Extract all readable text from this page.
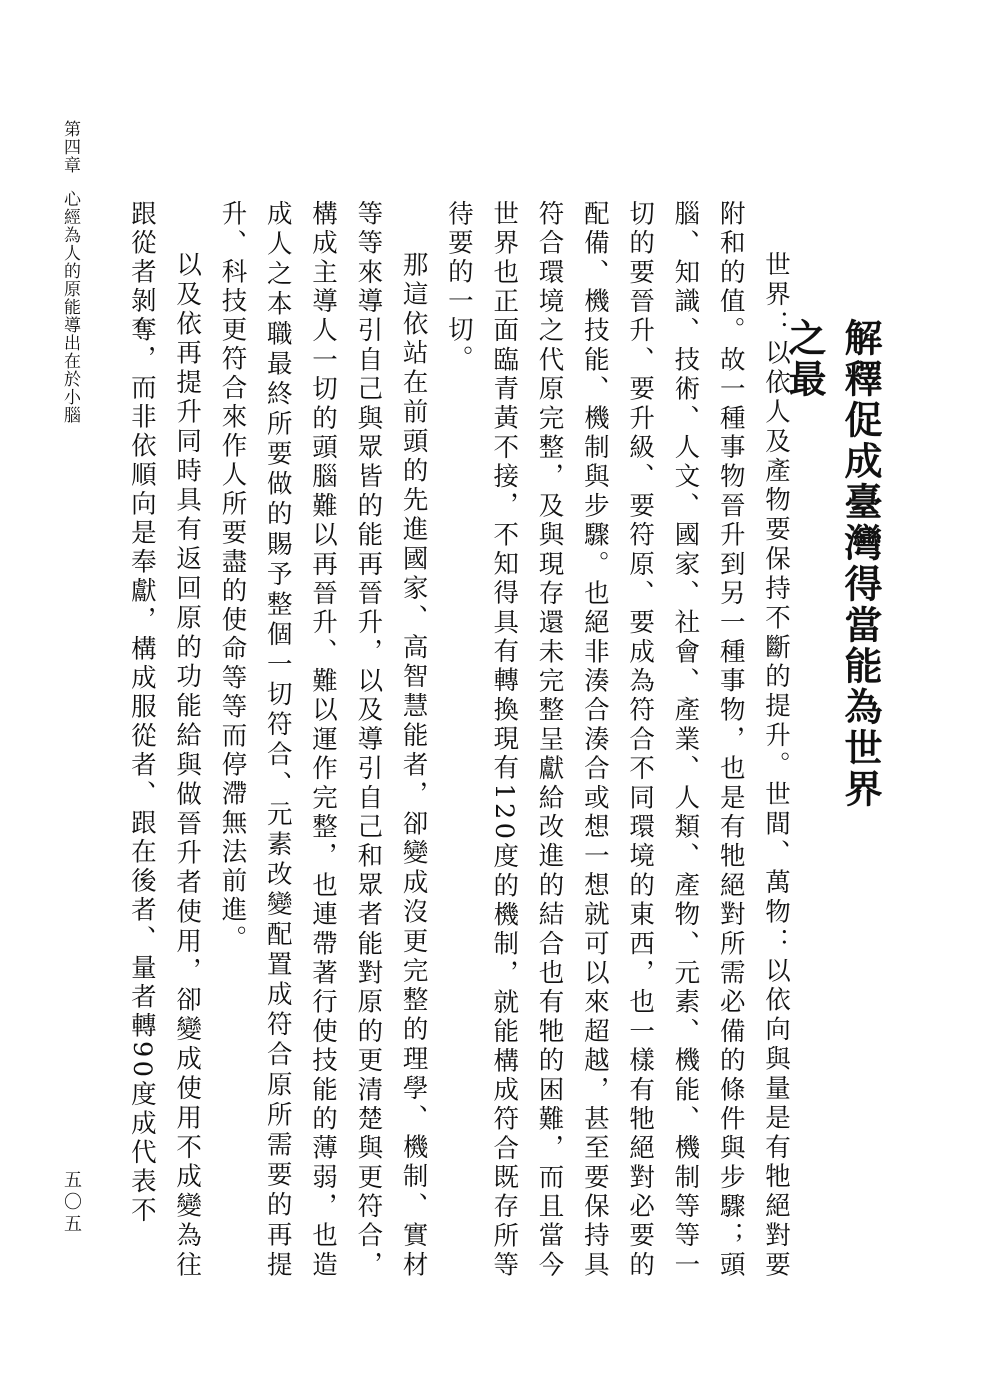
解釋促成臺灣得當能為世界之最

世界：以依人及產物要保持不斷的提升。世間、萬物：以依向與量是有牠絕對要附和的值。故一種事物晉升到另一種事物，也是有牠絕對所需必備的條件與步驟；頭腦、知識、技術、人文、國家、社會、產業、人類、產物、元素、機能、機制等等一切的要晉升、要升級、要符原、要成為符合不同環境的東西，也一樣有牠絕對必要的配備、機技能、機制與步驟。也絕非湊合湊合或想一想就可以來超越，甚至要保持具符合環境之代原完整，及與現存還未完整呈獻給改進的結合也有牠的困難，而且當今世界也正面臨青黃不接，不知得具有轉換現有120度的機制，就能構成符合既存所等待要的一切。

那這依站在前頭的先進國家、高智慧能者，卻變成沒更完整的理學、機制、實材等等來導引自己與眾皆的能再晉升，以及導引自己和眾者能對原的更清楚與更符合，構成主導人一切的頭腦難以再晉升、難以運作完整，也連帶著行使技能的薄弱，也造成人之本職最終所要做的賜予整個一切符合、元素改變配置成符合原所需要的再提升、科技更符合來作人所要盡的使命等等而停滯無法前進。

以及依再提升同時具有返回原的功能給與做晉升者使用，卻變成使用不成變為往跟從者剝奪，而非依順向是奉獻，構成服從者、跟在後者、量者轉90度成代表不

第四章心經為人的原能導出在於小腦
五〇五
